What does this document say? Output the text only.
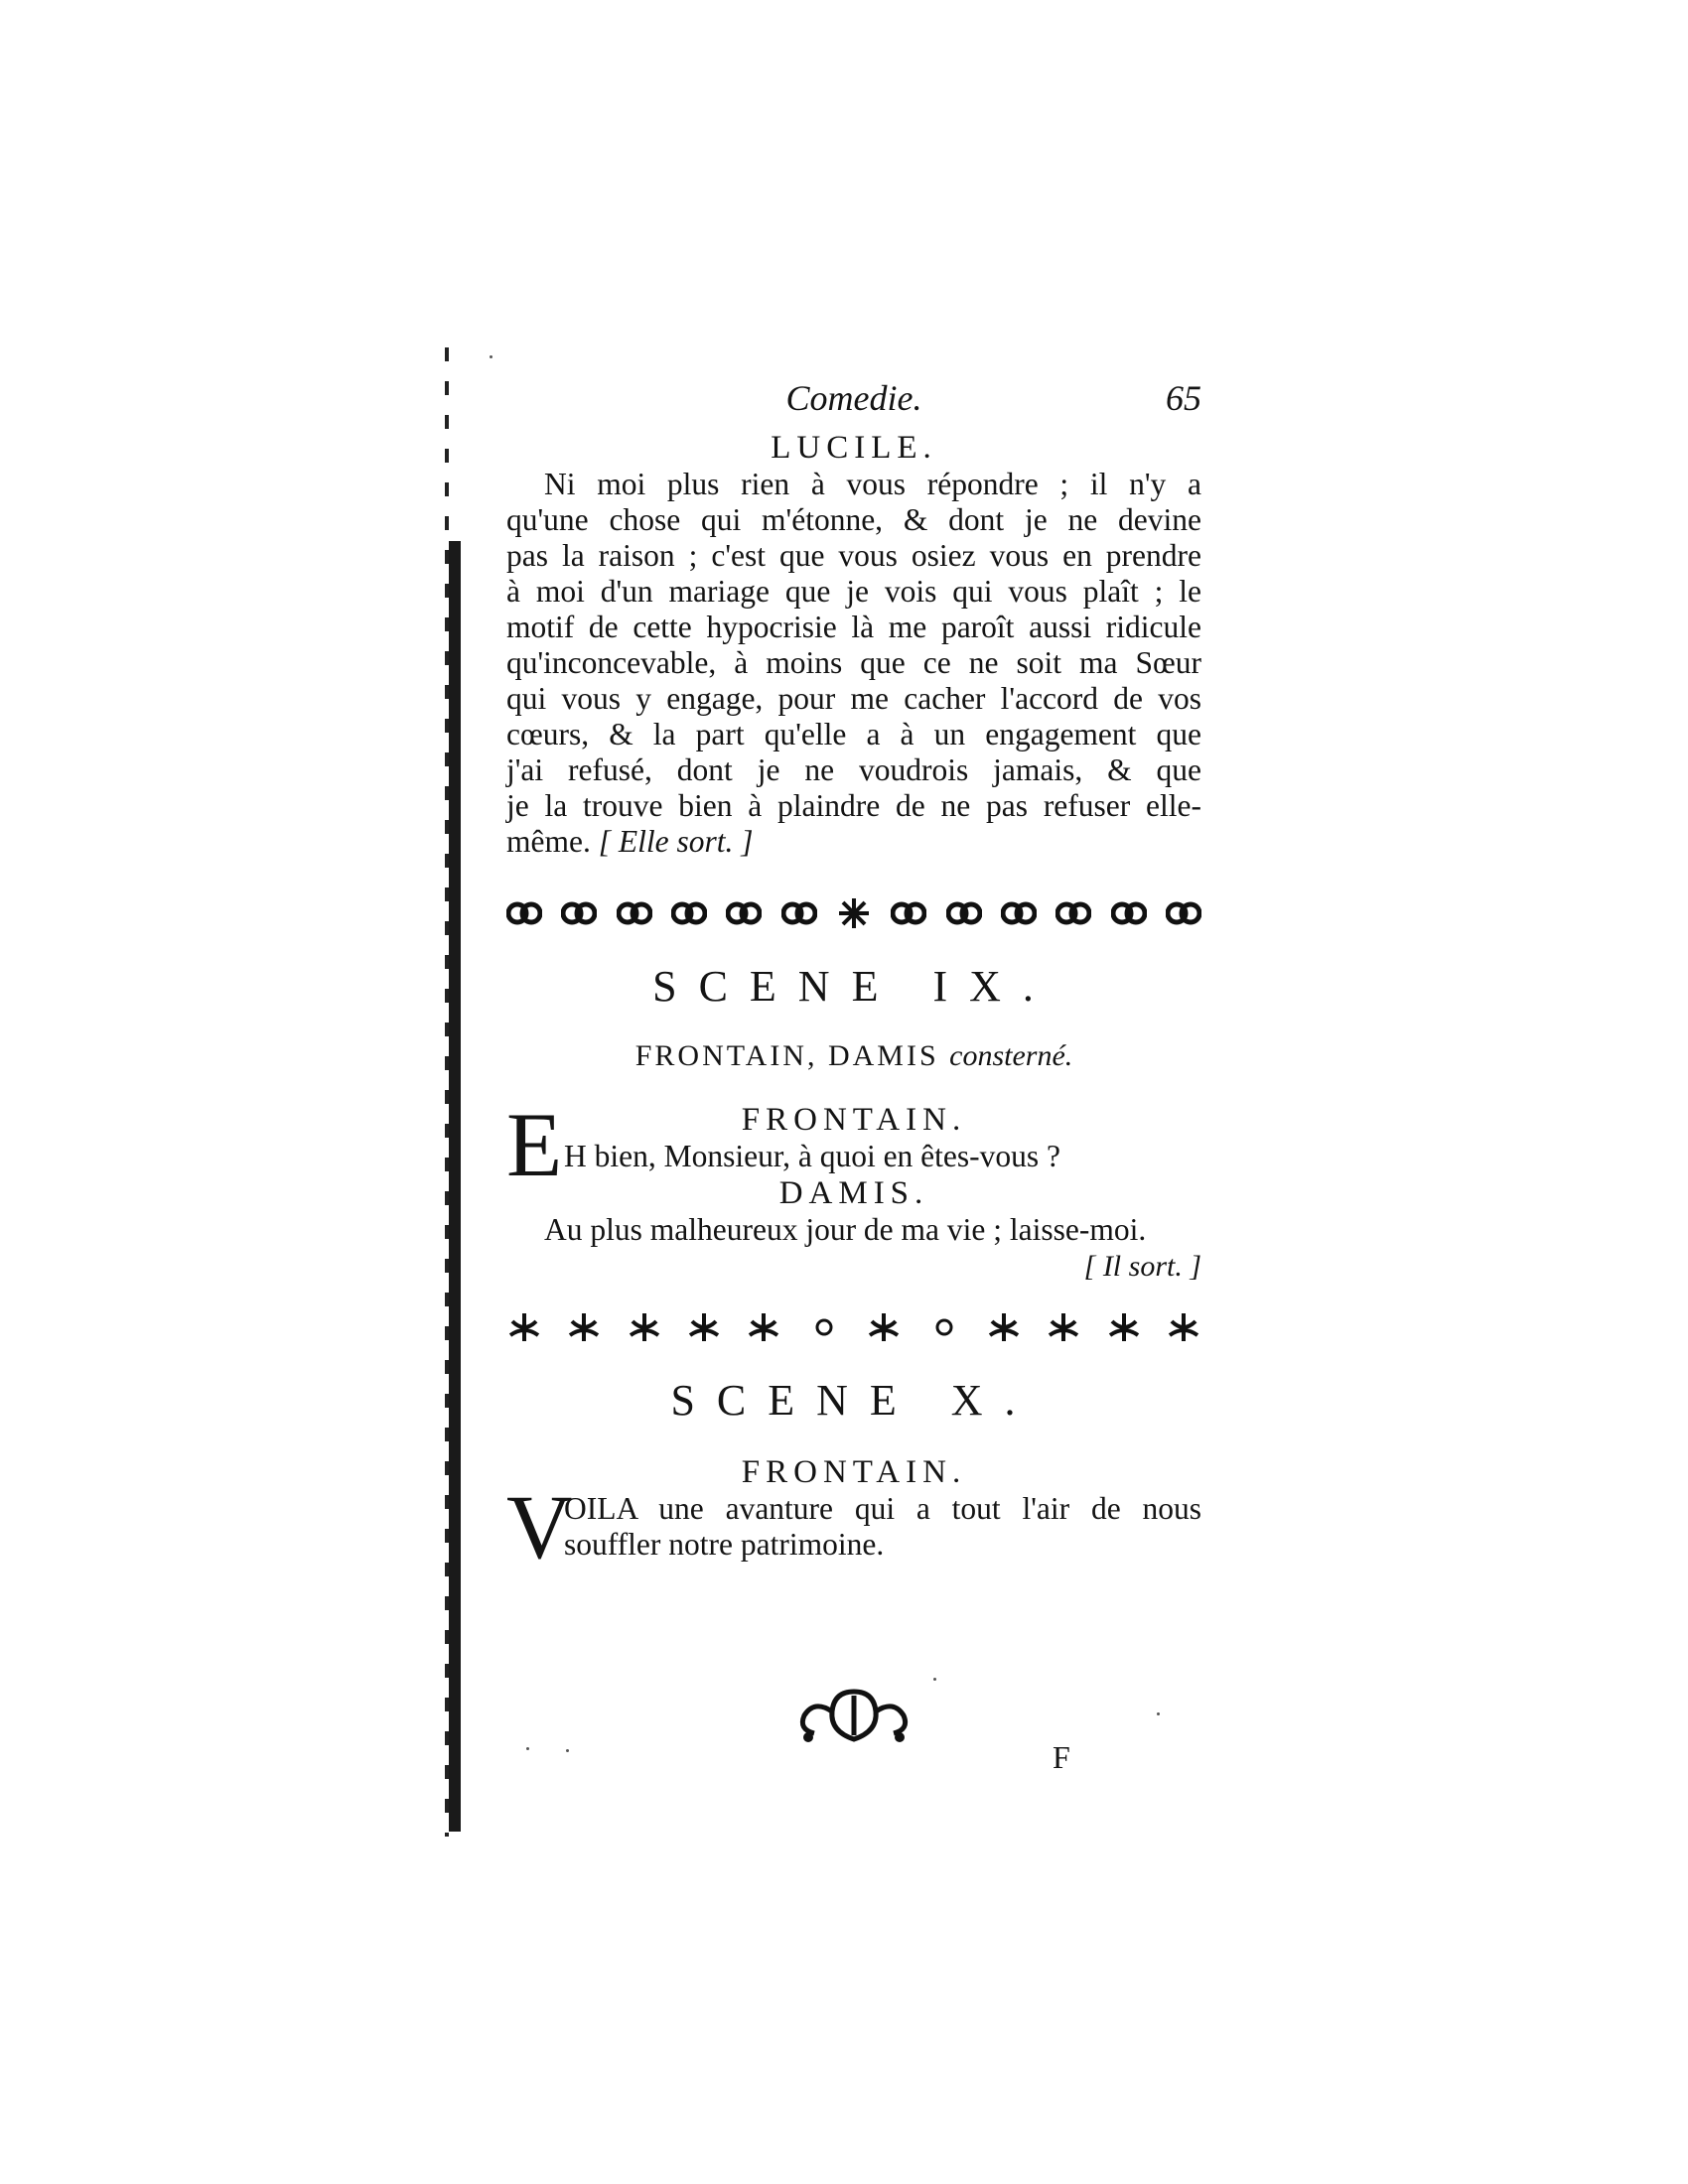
Comedie.	65
LUCILE.

Ni moi plus rien à vous répondre ; il n'y a
qu'une chose qui m'étonne, & dont je ne devine
pas la raison ; c'est que vous osiez vous en prendre
à moi d'un mariage que je vois qui vous plaît ; le
motif de cette hypocrisie là me paroît aussi ridicule
qu'inconcevable, à moins que ce ne soit ma Sœur
qui vous y engage, pour me cacher l'accord de vos
cœurs, & la part qu'elle a à un engagement que
j'ai refusé, dont je ne voudrois jamais, & que
je la trouve bien à plaindre de ne pas refuser elle-
même. [ Elle sort. ]

SCENE IX.
FRONTAIN, DAMIS consterné.
E	FRONTAIN.
H bien, Monsieur, à quoi en êtes-vous ?
DAMIS.
Au plus malheureux jour de ma vie ; laisse-moi.
[ Il sort. ]
SCENE X.
FRONTAIN.
V
OILA une avanture qui a tout l'air de nous
souffler notre patrimoine.
F
